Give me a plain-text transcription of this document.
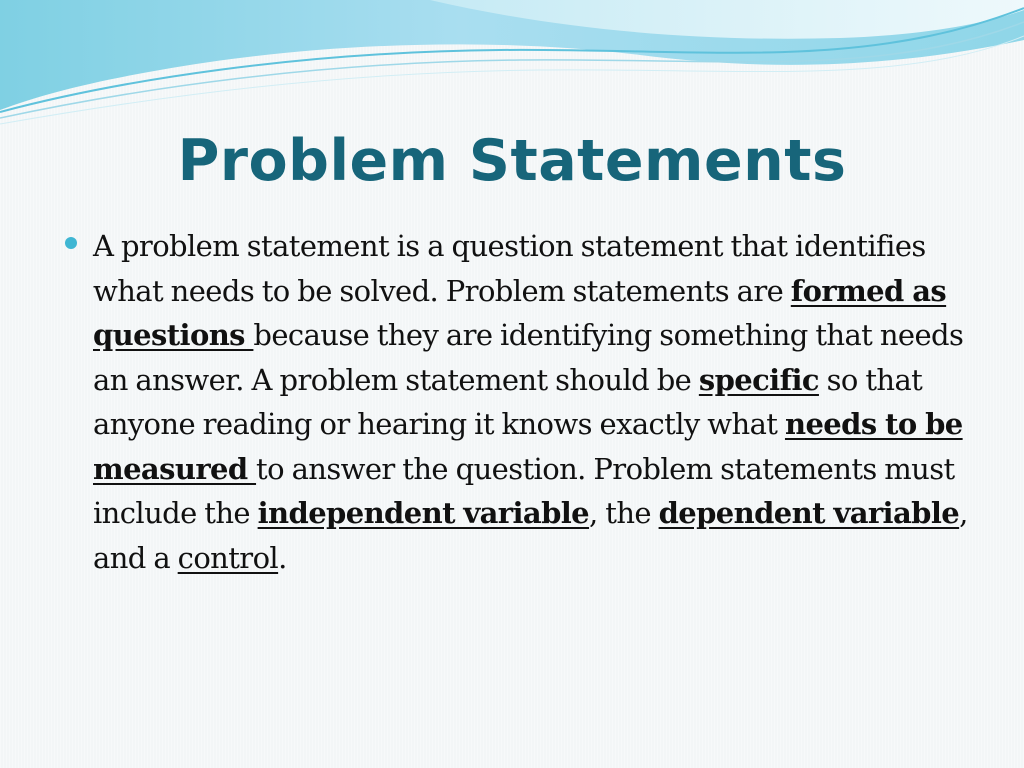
Problem Statements

A problem statement is a question statement that identifies what needs to be solved. Problem statements are formed as questions because they are identifying something that needs an answer. A problem statement should be specific so that anyone reading or hearing it knows exactly what needs to be measured to answer the question. Problem statements must include the independent variable, the dependent variable, and a control.
